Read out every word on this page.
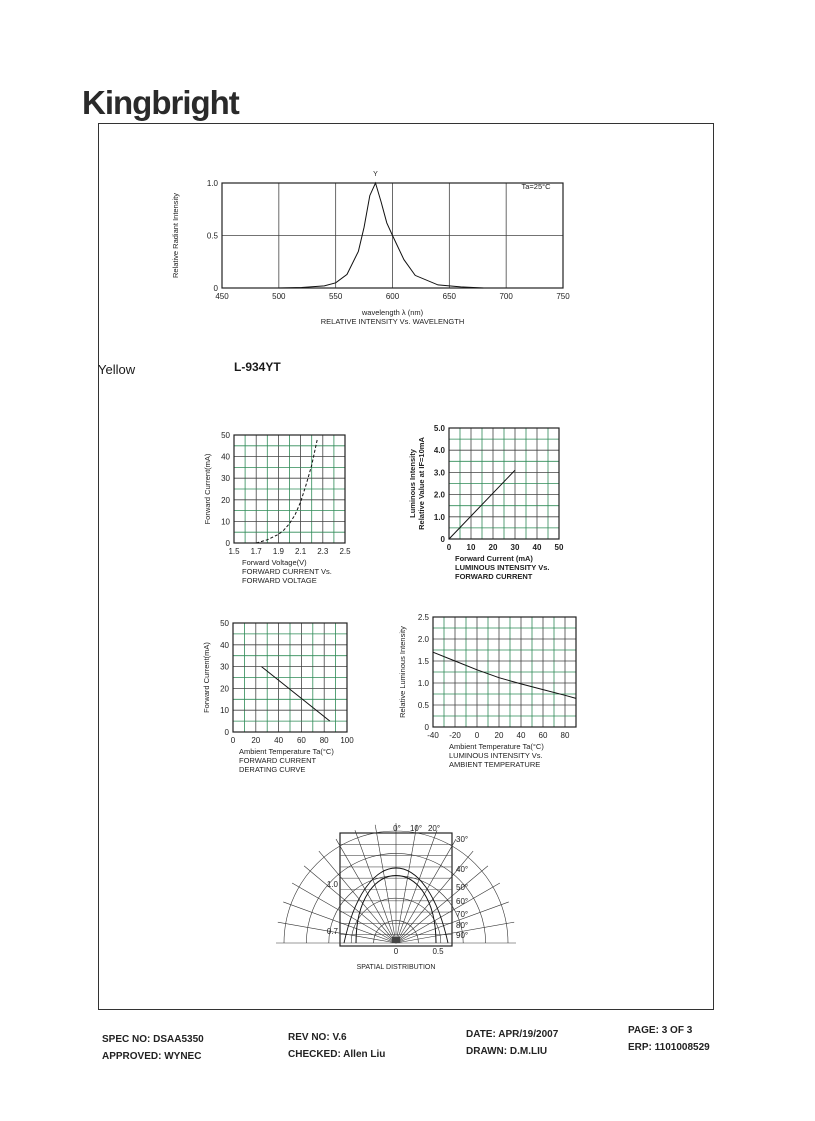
Kingbright
Yellow	L-934YT
450	500	550	600	650	700	750
0
0.5
1.0
wavelength λ (nm)
RELATIVE INTENSITY Vs. WAVELENGTH
Relative Radiant Intensity
Y
Ta=25°C
1.5 1.7 1.9 2.1 2.3 2.5
0
10
20
30
40
50
Forward Voltage(V)
FORWARD CURRENT Vs.
FORWARD VOLTAGE
Forward Current(mA)
0 10 20 30 40 50
0
1.0
2.0
3.0
4.0
5.0
Forward Current (mA)
LUMINOUS INTENSITY Vs.
FORWARD CURRENT
Luminous Intensity Relative Value at IF=10mA
0 20 40 60 80 100
0
10
20
30
40
50
Ambient Temperature Ta(°C)
FORWARD CURRENT
DERATING CURVE
Forward Current(mA)
-40 -20 0 20 40 60 80
0
0.5
1.0
1.5
2.0
2.5
Ambient Temperature Ta(°C)
LUMINOUS INTENSITY Vs.
AMBIENT TEMPERATURE
Relative Luminous Intensity
0° 10° 20°
30°
40°
50°
60°
70°
80°
90°
1.0
0.7
0	0.5
SPATIAL DISTRIBUTION
SPEC NO: DSAA5350
APPROVED: WYNEC
REV NO: V.6
CHECKED: Allen Liu
DATE: APR/19/2007
DRAWN: D.M.LIU
PAGE: 3 OF 3
ERP: 1101008529
